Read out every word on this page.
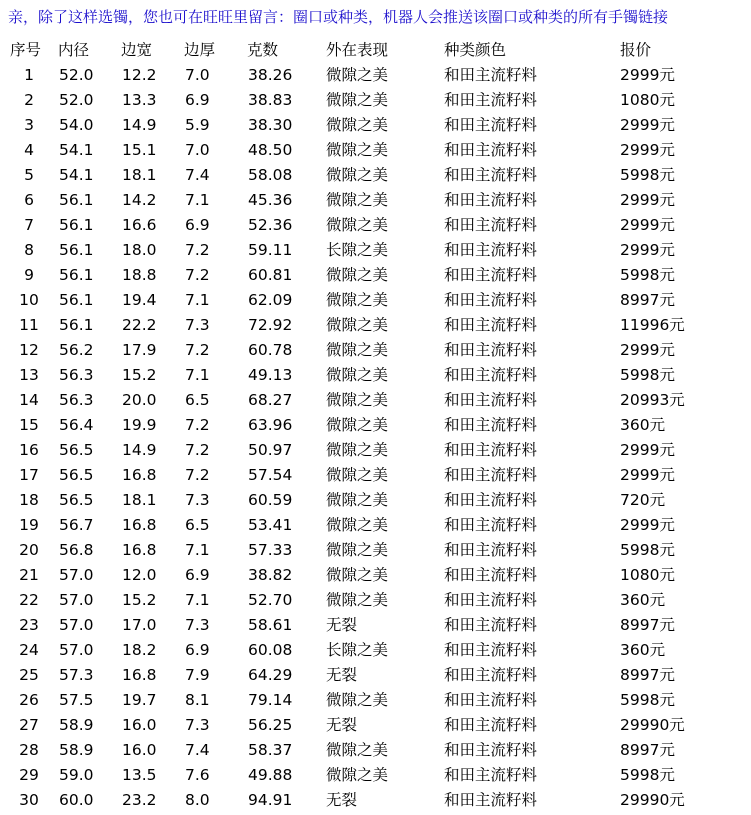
亲，除了这样选镯，您也可在旺旺里留言：圈口或种类，机器人会推送该圈口或种类的所有手镯链接
序号	内径	边宽	边厚	克数	外在表现	种类颜色	报价
1	52.0	12.2	7.0	38.26	微隙之美	和田主流籽料	2999元
2	52.0	13.3	6.9	38.83	微隙之美	和田主流籽料	1080元
3	54.0	14.9	5.9	38.30	微隙之美	和田主流籽料	2999元
4	54.1	15.1	7.0	48.50	微隙之美	和田主流籽料	2999元
5	54.1	18.1	7.4	58.08	微隙之美	和田主流籽料	5998元
6	56.1	14.2	7.1	45.36	微隙之美	和田主流籽料	2999元
7	56.1	16.6	6.9	52.36	微隙之美	和田主流籽料	2999元
8	56.1	18.0	7.2	59.11	长隙之美	和田主流籽料	2999元
9	56.1	18.8	7.2	60.81	微隙之美	和田主流籽料	5998元
10	56.1	19.4	7.1	62.09	微隙之美	和田主流籽料	8997元
11	56.1	22.2	7.3	72.92	微隙之美	和田主流籽料	11996元
12	56.2	17.9	7.2	60.78	微隙之美	和田主流籽料	2999元
13	56.3	15.2	7.1	49.13	微隙之美	和田主流籽料	5998元
14	56.3	20.0	6.5	68.27	微隙之美	和田主流籽料	20993元
15	56.4	19.9	7.2	63.96	微隙之美	和田主流籽料	360元
16	56.5	14.9	7.2	50.97	微隙之美	和田主流籽料	2999元
17	56.5	16.8	7.2	57.54	微隙之美	和田主流籽料	2999元
18	56.5	18.1	7.3	60.59	微隙之美	和田主流籽料	720元
19	56.7	16.8	6.5	53.41	微隙之美	和田主流籽料	2999元
20	56.8	16.8	7.1	57.33	微隙之美	和田主流籽料	5998元
21	57.0	12.0	6.9	38.82	微隙之美	和田主流籽料	1080元
22	57.0	15.2	7.1	52.70	微隙之美	和田主流籽料	360元
23	57.0	17.0	7.3	58.61	无裂	和田主流籽料	8997元
24	57.0	18.2	6.9	60.08	长隙之美	和田主流籽料	360元
25	57.3	16.8	7.9	64.29	无裂	和田主流籽料	8997元
26	57.5	19.7	8.1	79.14	微隙之美	和田主流籽料	5998元
27	58.9	16.0	7.3	56.25	无裂	和田主流籽料	29990元
28	58.9	16.0	7.4	58.37	微隙之美	和田主流籽料	8997元
29	59.0	13.5	7.6	49.88	微隙之美	和田主流籽料	5998元
30	60.0	23.2	8.0	94.91	无裂	和田主流籽料	29990元
